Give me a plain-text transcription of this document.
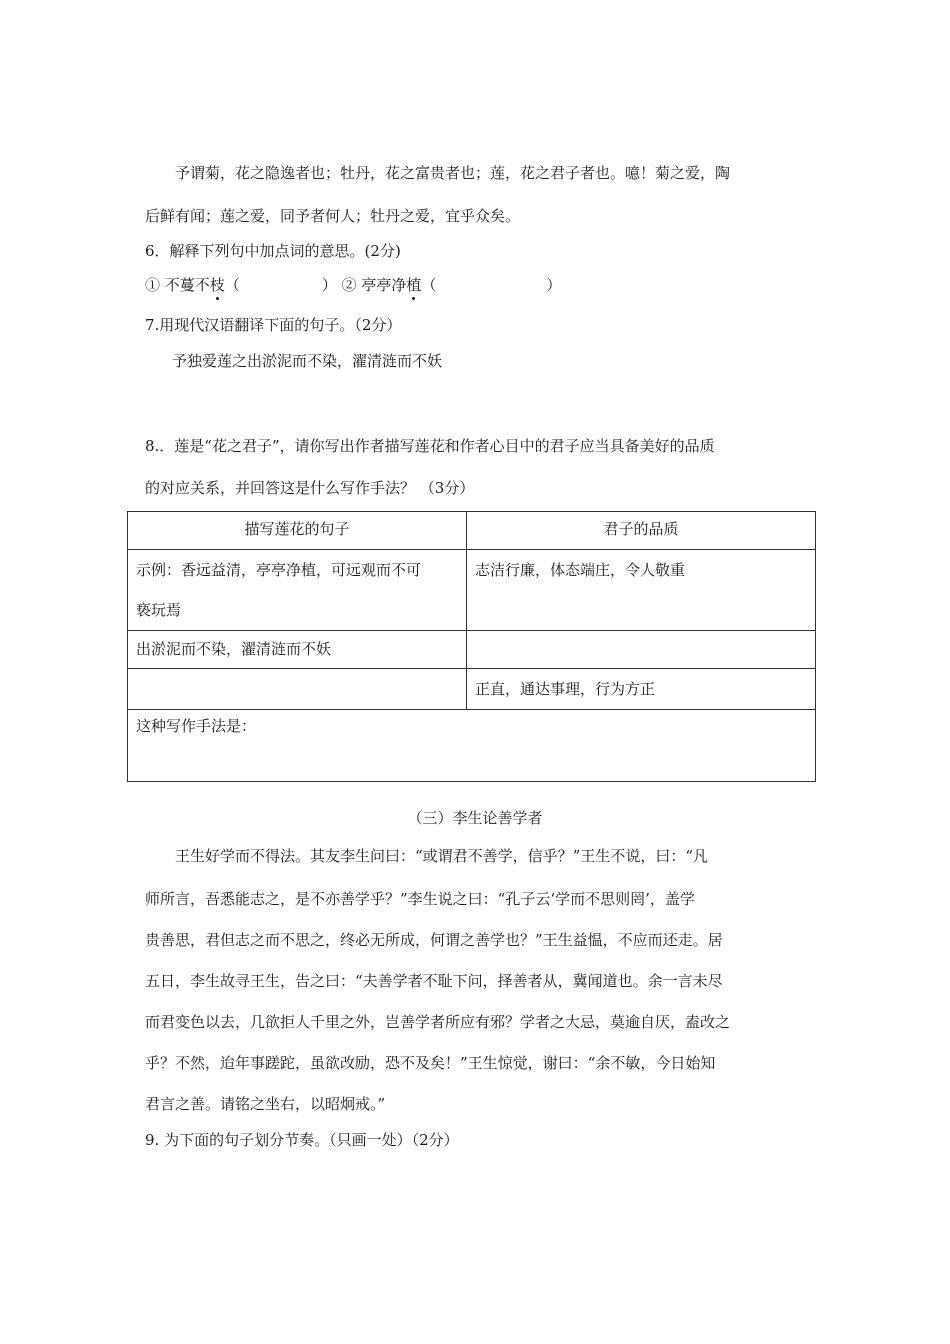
予谓菊，花之隐逸者也；牡丹，花之富贵者也；莲，花之君子者也。噫！菊之爱，陶
后鲜有闻；莲之爱，同予者何人；牡丹之爱，宜乎众矣。
6．解释下列句中加点词的意思。(2分)
① 不蔓不枝（	） ② 亭亭净植（	）
7.用现代汉语翻译下面的句子。（2分）
予独爱莲之出淤泥而不染，濯清涟而不妖
8.．莲是“花之君子”，请你写出作者描写莲花和作者心目中的君子应当具备美好的品质
的对应关系，并回答这是什么写作手法？ （3分）
描写莲花的句子	君子的品质

示例：香远益清，亭亭净植，可远观而不可
亵玩焉	志洁行廉，体态端庄，令人敬重
出淤泥而不染，濯清涟而不妖	
	正直，通达事理，行为方正
这种写作手法是：	
（三）李生论善学者
王生好学而不得法。其友李生问曰：“或谓君不善学，信乎？”王生不说，曰：“凡
师所言，吾悉能志之，是不亦善学乎？”李生说之曰：“孔子云‘学而不思则罔’，盖学
贵善思，君但志之而不思之，终必无所成，何谓之善学也？”王生益愠，不应而还走。居
五日，李生故寻王生，告之曰：“夫善学者不耻下问，择善者从，冀闻道也。余一言未尽
而君变色以去，几欲拒人千里之外，岂善学者所应有邪？学者之大忌，莫逾自厌，盍改之
乎？不然，迨年事蹉跎，虽欲改励，恐不及矣！”王生惊觉，谢曰：“余不敏，今日始知
君言之善。请铭之坐右，以昭炯戒。”
9. 为下面的句子划分节奏。（只画一处）（2分）
